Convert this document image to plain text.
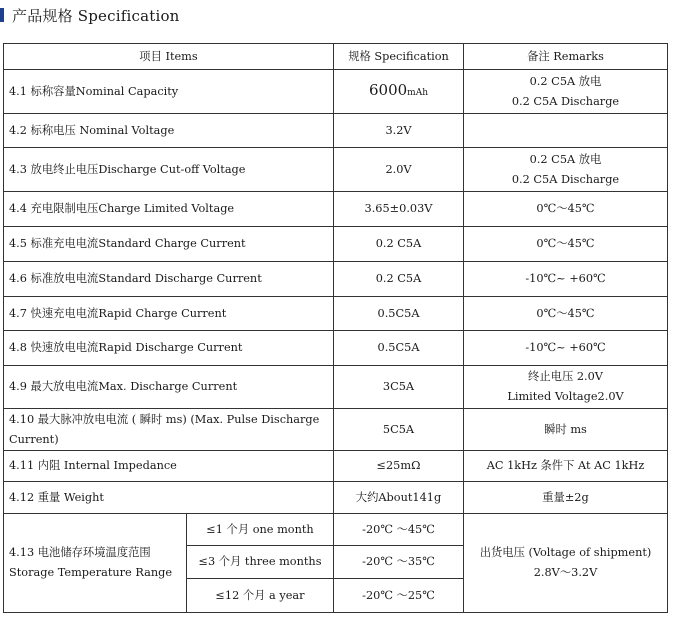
产品规格 Specification
项目 Items		规格 Specification	备注 Remarks
4.1 标称容量Nominal Capacity		6000mAh	0.2 C5A 放电
0.2 C5A Discharge

4.2 标称电压 Nominal Voltage		3.2V	
4.3 放电终止电压Discharge Cut-off Voltage		2.0V	0.2 C5A 放电
0.2 C5A Discharge

4.4 充电限制电压Charge Limited Voltage		3.65±0.03V	0℃～45℃
4.5 标准充电电流Standard Charge Current		0.2 C5A	0℃～45℃
4.6 标准放电电流Standard Discharge Current		0.2 C5A	-10℃~ +60℃
4.7 快速充电电流Rapid Charge Current		0.5C5A	0℃～45℃
4.8 快速放电电流Rapid Discharge Current		0.5C5A	-10℃~ +60℃
4.9 最大放电电流Max. Discharge Current		3C5A	终止电压 2.0V
Limited Voltage2.0V

4.10 最大脉冲放电电流 ( 瞬时 ms) (Max. Pulse Discharge
Current)		5C5A	瞬时 ms
4.11 内阻 Internal Impedance		≤25mΩ	AC 1kHz 条件下 At AC 1kHz
4.12 重量 Weight		大约About141g	重量±2g

4.13 电池储存环境温度范围
Storage Temperature Range	≤1 个月 one month	-20℃ ～45℃	出货电压 (Voltage of shipment)
2.8V～3.2V

	≤3 个月 three months	-20℃ ～35℃	
	≤12 个月 a year	-20℃ ～25℃	
